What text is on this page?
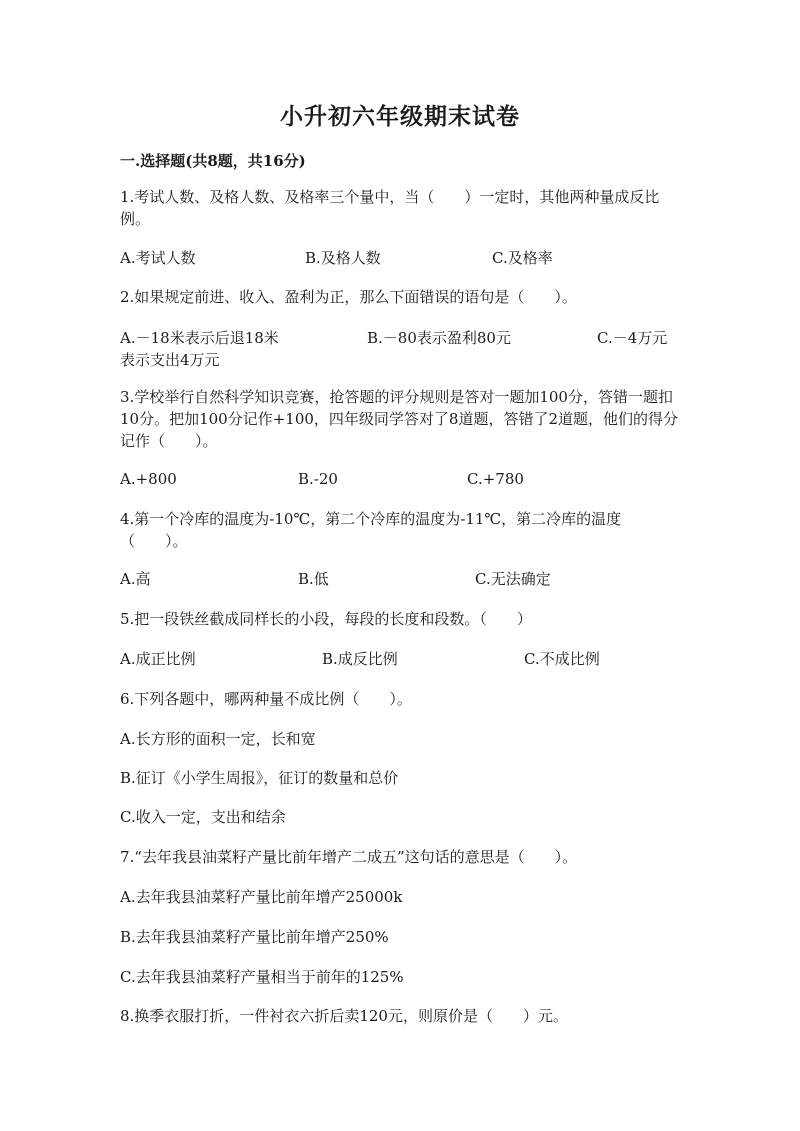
小升初六年级期末试卷
一.选择题(共8题，共16分)
1.考试人数、及格人数、及格率三个量中，当（　　）一定时，其他两种量成反比例。
A.考试人数	B.及格人数	C.及格率
2.如果规定前进、收入、盈利为正，那么下面错误的语句是（　　）。
A.－18米表示后退18米	B.－80表示盈利80元	C.－4万元
表示支出4万元
3.学校举行自然科学知识竞赛，抢答题的评分规则是答对一题加100分，答错一题扣10分。把加100分记作+100，四年级同学答对了8道题，答错了2道题，他们的得分记作（　　）。
A.+800	B.-20	C.+780
4.第一个冷库的温度为-10℃，第二个冷库的温度为-11℃，第二冷库的温度（　　）。
A.高	B.低	C.无法确定
5.把一段铁丝截成同样长的小段，每段的长度和段数。（　　）
A.成正比例	B.成反比例	C.不成比例
6.下列各题中，哪两种量不成比例（　　）。
A.长方形的面积一定，长和宽
B.征订《小学生周报》，征订的数量和总价
C.收入一定，支出和结余
7.“去年我县油菜籽产量比前年增产二成五”这句话的意思是（　　）。
A.去年我县油菜籽产量比前年增产25000k
B.去年我县油菜籽产量比前年增产250%
C.去年我县油菜籽产量相当于前年的125%
8.换季衣服打折，一件衬衣六折后卖120元，则原价是（　　）元。
